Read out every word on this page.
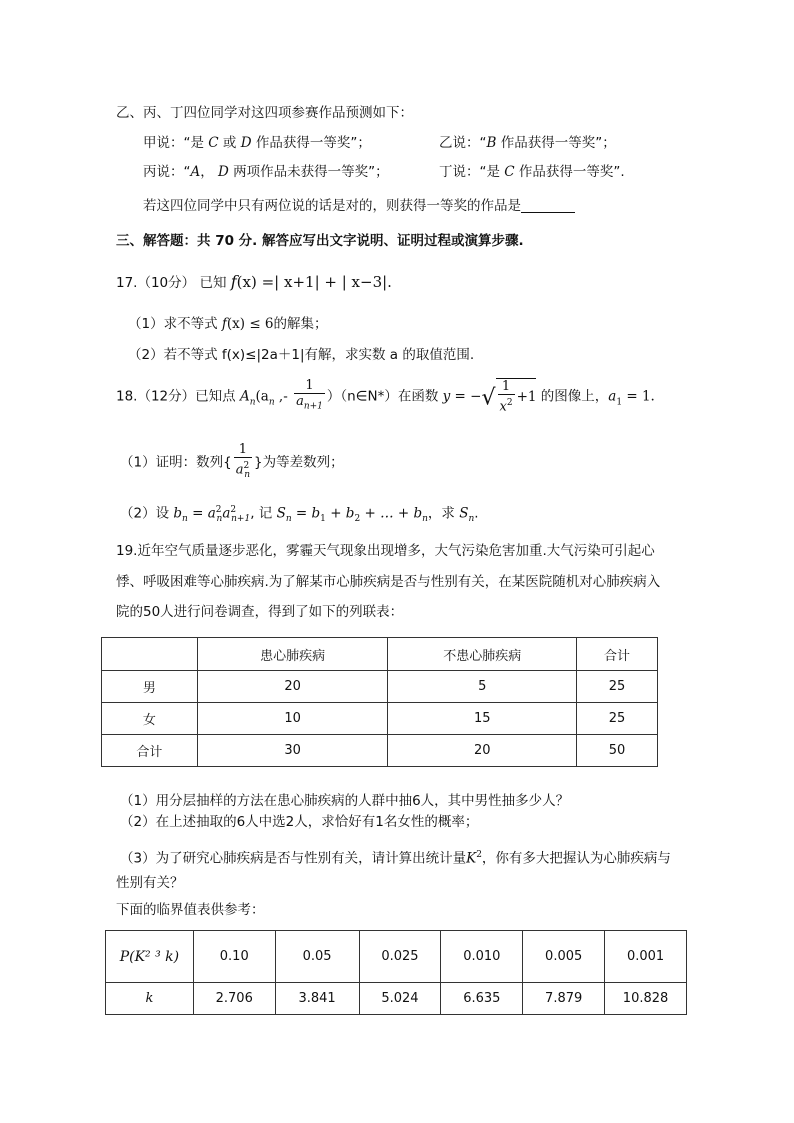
乙、丙、丁四位同学对这四项参赛作品预测如下：
甲说：“是 C 或 D 作品获得一等奖”；	乙说：“B 作品获得一等奖”；
丙说：“A， D 两项作品未获得一等奖”；	丁说：“是 C 作品获得一等奖”.
若这四位同学中只有两位说的话是对的，则获得一等奖的作品是
三、解答题：共 70 分. 解答应写出文字说明、证明过程或演算步骤.
17.（10分） 已知 f(x) =| x+1| + | x−3|.
（1）求不等式 f(x) ≤ 6的解集；
（2）若不等式 f(x)≤|2a＋1|有解，求实数 a 的取值范围.
18.（12分）已知点 $A_n(a_n$ ,- $\frac{1}{a_{n+1}}$ ）（n∈N*）在函数 y = −√ $\frac{1}{x^2} +1$ 的图像上，$a_1 = 1$.
（1）证明：数列{ $\frac{1}{a^2_n}$ }为等差数列；
（2）设 $b_n = a^2_na^2_{n+1}$, 记 $S_n = b_1 + b_2$ + … + $b_n$，求 $S_n$.
19.近年空气质量逐步恶化，雾霾天气现象出现增多，大气污染危害加重.大气污染可引起心
悸、呼吸困难等心肺疾病.为了解某市心肺疾病是否与性别有关，在某医院随机对心肺疾病入
院的50人进行问卷调查，得到了如下的列联表：
	患心肺疾病	不患心肺疾病	合计
男	20	5	25
女	10	15	25
合计	30	20	50
（1）用分层抽样的方法在患心肺疾病的人群中抽6人，其中男性抽多少人？
（2）在上述抽取的6人中选2人，求恰好有1名女性的概率；
（3）为了研究心肺疾病是否与性别有关，请计算出统计量$K^2$，你有多大把握认为心肺疾病与
性别有关？
下面的临界值表供参考：
P(K² ³ k)	0.10	0.05	0.025	0.010	0.005	0.001
k	2.706	3.841	5.024	6.635	7.879	10.828
